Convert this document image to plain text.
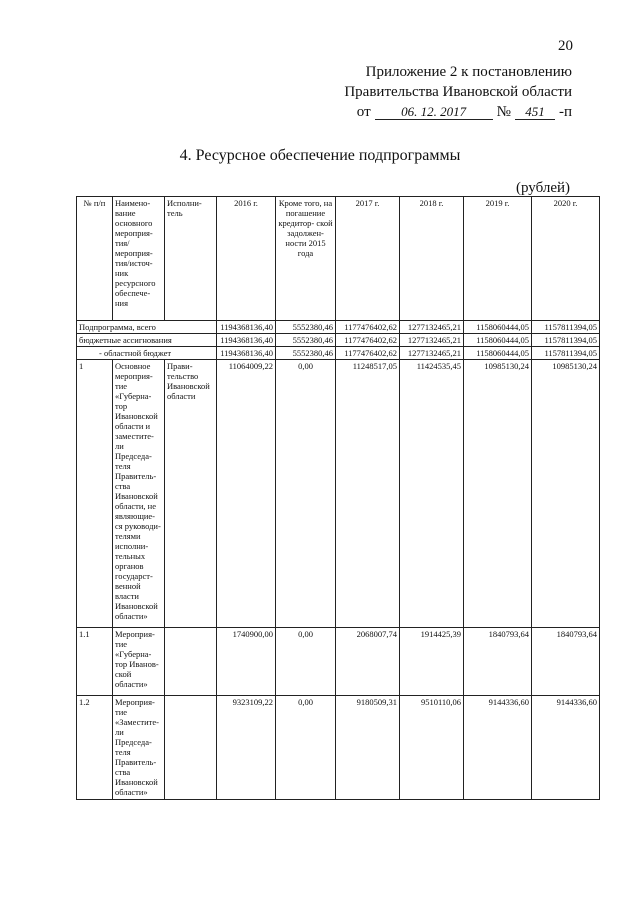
20
Приложение 2 к постановлению
Правительства Ивановской области
от	06. 12. 2017	№	451 -п
4. Ресурсное обеспечение подпрограммы
(рублей)
№ п/п	Наимено- вание основного мероприя- тия/ мероприя- тия/источ- ник ресурсного обеспече- ния	Исполни- тель	2016 г.	Кроме того, на погашение кредитор- ской задолжен- ности 2015 года	2017 г.	2018 г.	2019 г.	2020 г.
Подпрограмма, всего			1194368136,40	5552380,46	1177476402,62	1277132465,21	1158060444,05	1157811394,05
бюджетные ассигнования			1194368136,40	5552380,46	1177476402,62	1277132465,21	1158060444,05	1157811394,05
- областной бюджет			1194368136,40	5552380,46	1177476402,62	1277132465,21	1158060444,05	1157811394,05
1	Основное мероприя- тие «Губерна- тор Ивановской области и заместите- ли Председа- теля Правитель- ства Ивановской области, не являющие- ся руководи- телями исполни- тельных органов государст- венной власти Ивановской области»	Прави- тельство Ивановской области	11064009,22	0,00	11248517,05	11424535,45	10985130,24	10985130,24
1.1	Мероприя- тие «Губерна- тор Иванов- ской области»		1740900,00	0,00	2068007,74	1914425,39	1840793,64	1840793,64
1.2	Мероприя- тие «Заместите- ли Председа- теля Правитель- ства Ивановской области»		9323109,22	0,00	9180509,31	9510110,06	9144336,60	9144336,60
